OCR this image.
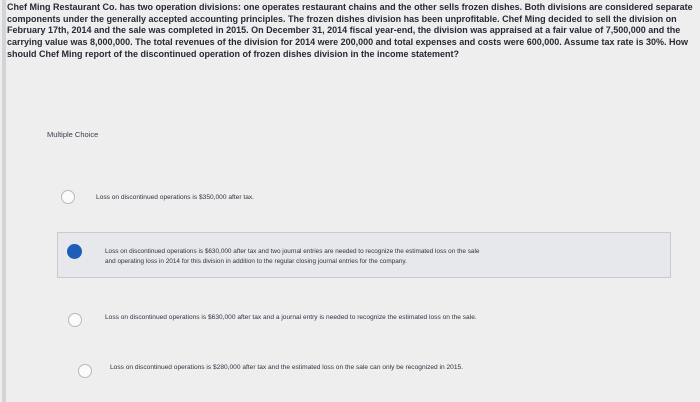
Chef Ming Restaurant Co. has two operation divisions: one operates restaurant chains and the other sells frozen dishes. Both divisions are considered separate components under the generally accepted accounting principles. The frozen dishes division has been unprofitable. Chef Ming decided to sell the division on February 17th, 2014 and the sale was completed in 2015. On December 31, 2014 fiscal year-end, the division was appraised at a fair value of 7,500,000 and the carrying value was 8,000,000. The total revenues of the division for 2014 were 200,000 and total expenses and costs were 600,000. Assume tax rate is 30%. How should Chef Ming report of the discontinued operation of frozen dishes division in the income statement?
Multiple Choice
Loss on discontinued operations is $350,000 after tax.
Loss on discontinued operations is $630,000 after tax and two journal entries are needed to recognize the estimated loss on the sale
and operating loss in 2014 for this division in addition to the regular closing journal entries for the company.
Loss on discontinued operations is $630,000 after tax and a journal entry is needed to recognize the estimated loss on the sale.
Loss on discontinued operations is $280,000 after tax and the estimated loss on the sale can only be recognized in 2015.
